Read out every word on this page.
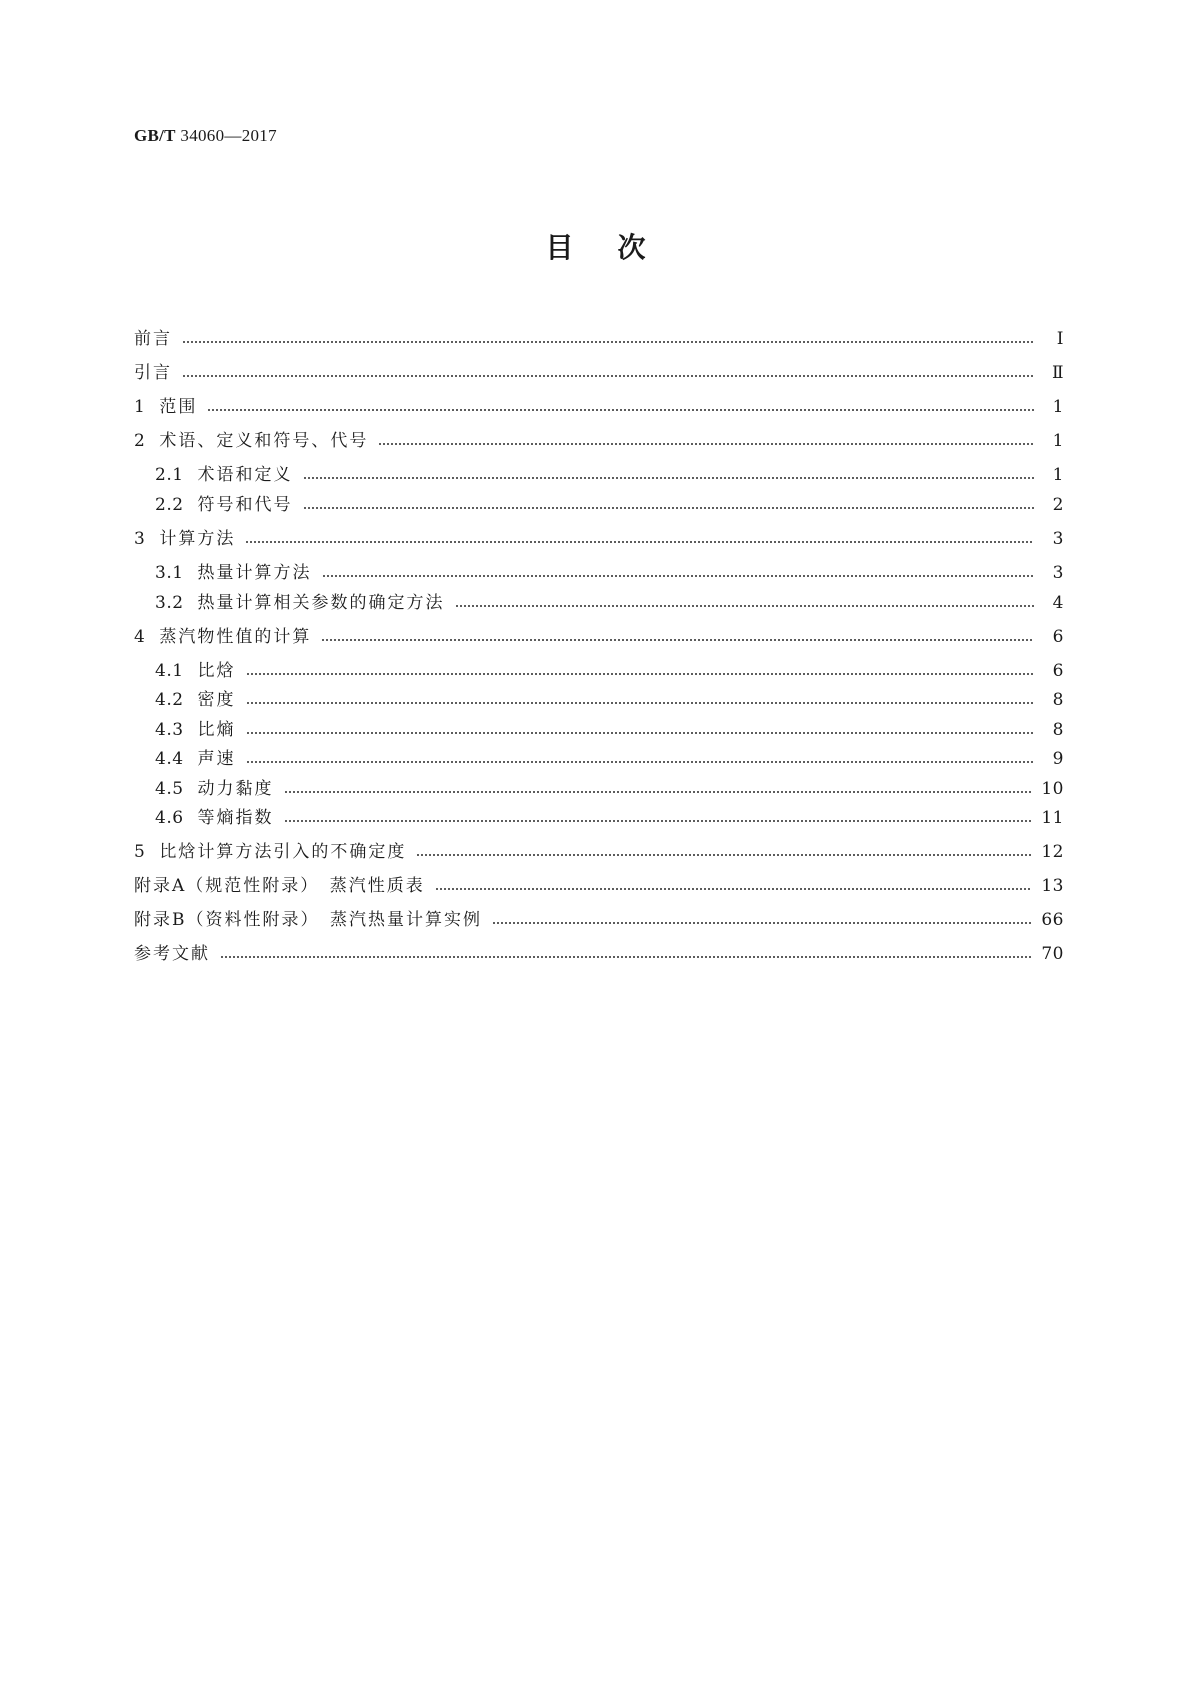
GB/T 34060—2017
目次
前言	Ⅰ
引言	Ⅱ
1 范围	1
2 术语、定义和符号、代号	1
2.1 术语和定义	1
2.2 符号和代号	2
3 计算方法	3
3.1 热量计算方法	3
3.2 热量计算相关参数的确定方法	4
4 蒸汽物性值的计算	6
4.1 比焓	6
4.2 密度	8
4.3 比熵	8
4.4 声速	9
4.5 动力黏度	10
4.6 等熵指数	11
5 比焓计算方法引入的不确定度	12
附录A（规范性附录）　蒸汽性质表	13
附录B（资料性附录）　蒸汽热量计算实例	66
参考文献	70
